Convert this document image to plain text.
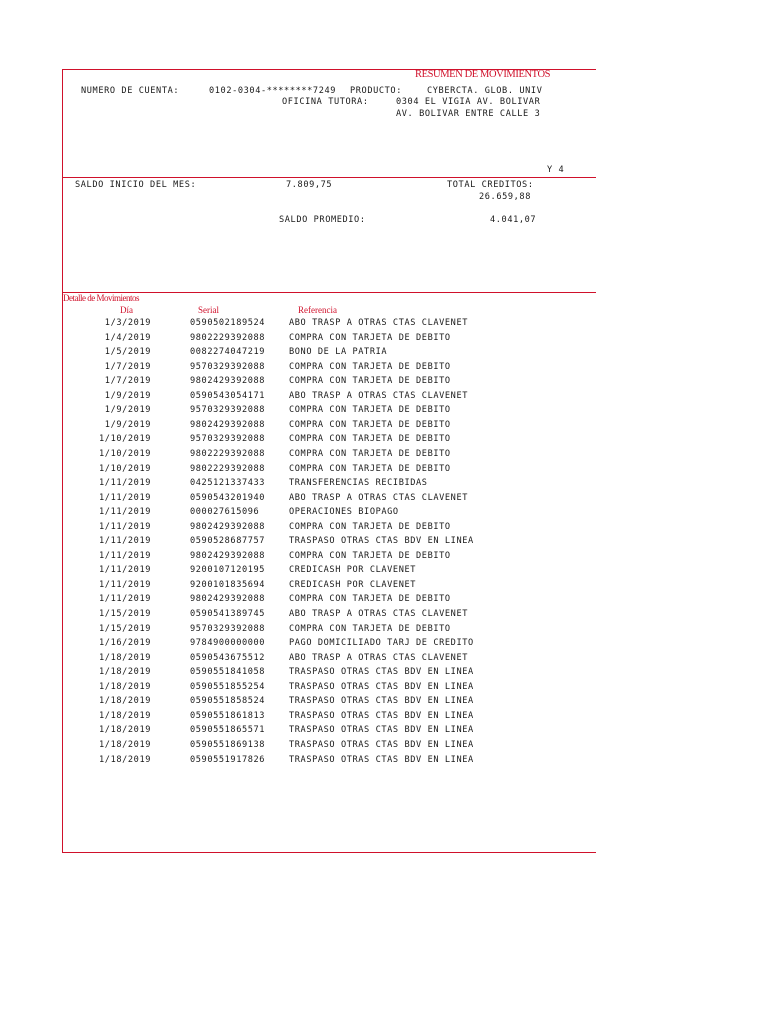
RESUMEN DE MOVIMIENTOS
NUMERO DE CUENTA:	0102-0304-********7249 PRODUCTO:	CYBERCTA. GLOB. UNIV
OFICINA TUTORA:	0304 EL VIGIA AV. BOLIVAR
AV. BOLIVAR ENTRE CALLE 3
Y 4
SALDO INICIO DEL MES:	7.809,75	TOTAL CREDITOS:
26.659,88
SALDO PROMEDIO:	4.041,07
Detalle de Movimientos
Día	Serial	Referencia
1/3/2019	0590502189524	ABO TRASP A OTRAS CTAS CLAVENET
1/4/2019	9802229392088	COMPRA CON TARJETA DE DEBITO
1/5/2019	0082274047219	BONO DE LA PATRIA
1/7/2019	9570329392088	COMPRA CON TARJETA DE DEBITO
1/7/2019	9802429392088	COMPRA CON TARJETA DE DEBITO
1/9/2019	0590543054171	ABO TRASP A OTRAS CTAS CLAVENET
1/9/2019	9570329392088	COMPRA CON TARJETA DE DEBITO
1/9/2019	9802429392088	COMPRA CON TARJETA DE DEBITO
1/10/2019	9570329392088	COMPRA CON TARJETA DE DEBITO
1/10/2019	9802229392088	COMPRA CON TARJETA DE DEBITO
1/10/2019	9802229392088	COMPRA CON TARJETA DE DEBITO
1/11/2019	0425121337433	TRANSFERENCIAS RECIBIDAS
1/11/2019	0590543201940	ABO TRASP A OTRAS CTAS CLAVENET
1/11/2019	000027615096	OPERACIONES BIOPAGO
1/11/2019	9802429392088	COMPRA CON TARJETA DE DEBITO
1/11/2019	0590528687757	TRASPASO OTRAS CTAS BDV EN LINEA
1/11/2019	9802429392088	COMPRA CON TARJETA DE DEBITO
1/11/2019	9200107120195	CREDICASH POR CLAVENET
1/11/2019	9200101835694	CREDICASH POR CLAVENET
1/11/2019	9802429392088	COMPRA CON TARJETA DE DEBITO
1/15/2019	0590541389745	ABO TRASP A OTRAS CTAS CLAVENET
1/15/2019	9570329392088	COMPRA CON TARJETA DE DEBITO
1/16/2019	9784900000000	PAGO DOMICILIADO TARJ DE CREDITO
1/18/2019	0590543675512	ABO TRASP A OTRAS CTAS CLAVENET
1/18/2019	0590551841058	TRASPASO OTRAS CTAS BDV EN LINEA
1/18/2019	0590551855254	TRASPASO OTRAS CTAS BDV EN LINEA
1/18/2019	0590551858524	TRASPASO OTRAS CTAS BDV EN LINEA
1/18/2019	0590551861813	TRASPASO OTRAS CTAS BDV EN LINEA
1/18/2019	0590551865571	TRASPASO OTRAS CTAS BDV EN LINEA
1/18/2019	0590551869138	TRASPASO OTRAS CTAS BDV EN LINEA
1/18/2019	0590551917826	TRASPASO OTRAS CTAS BDV EN LINEA
